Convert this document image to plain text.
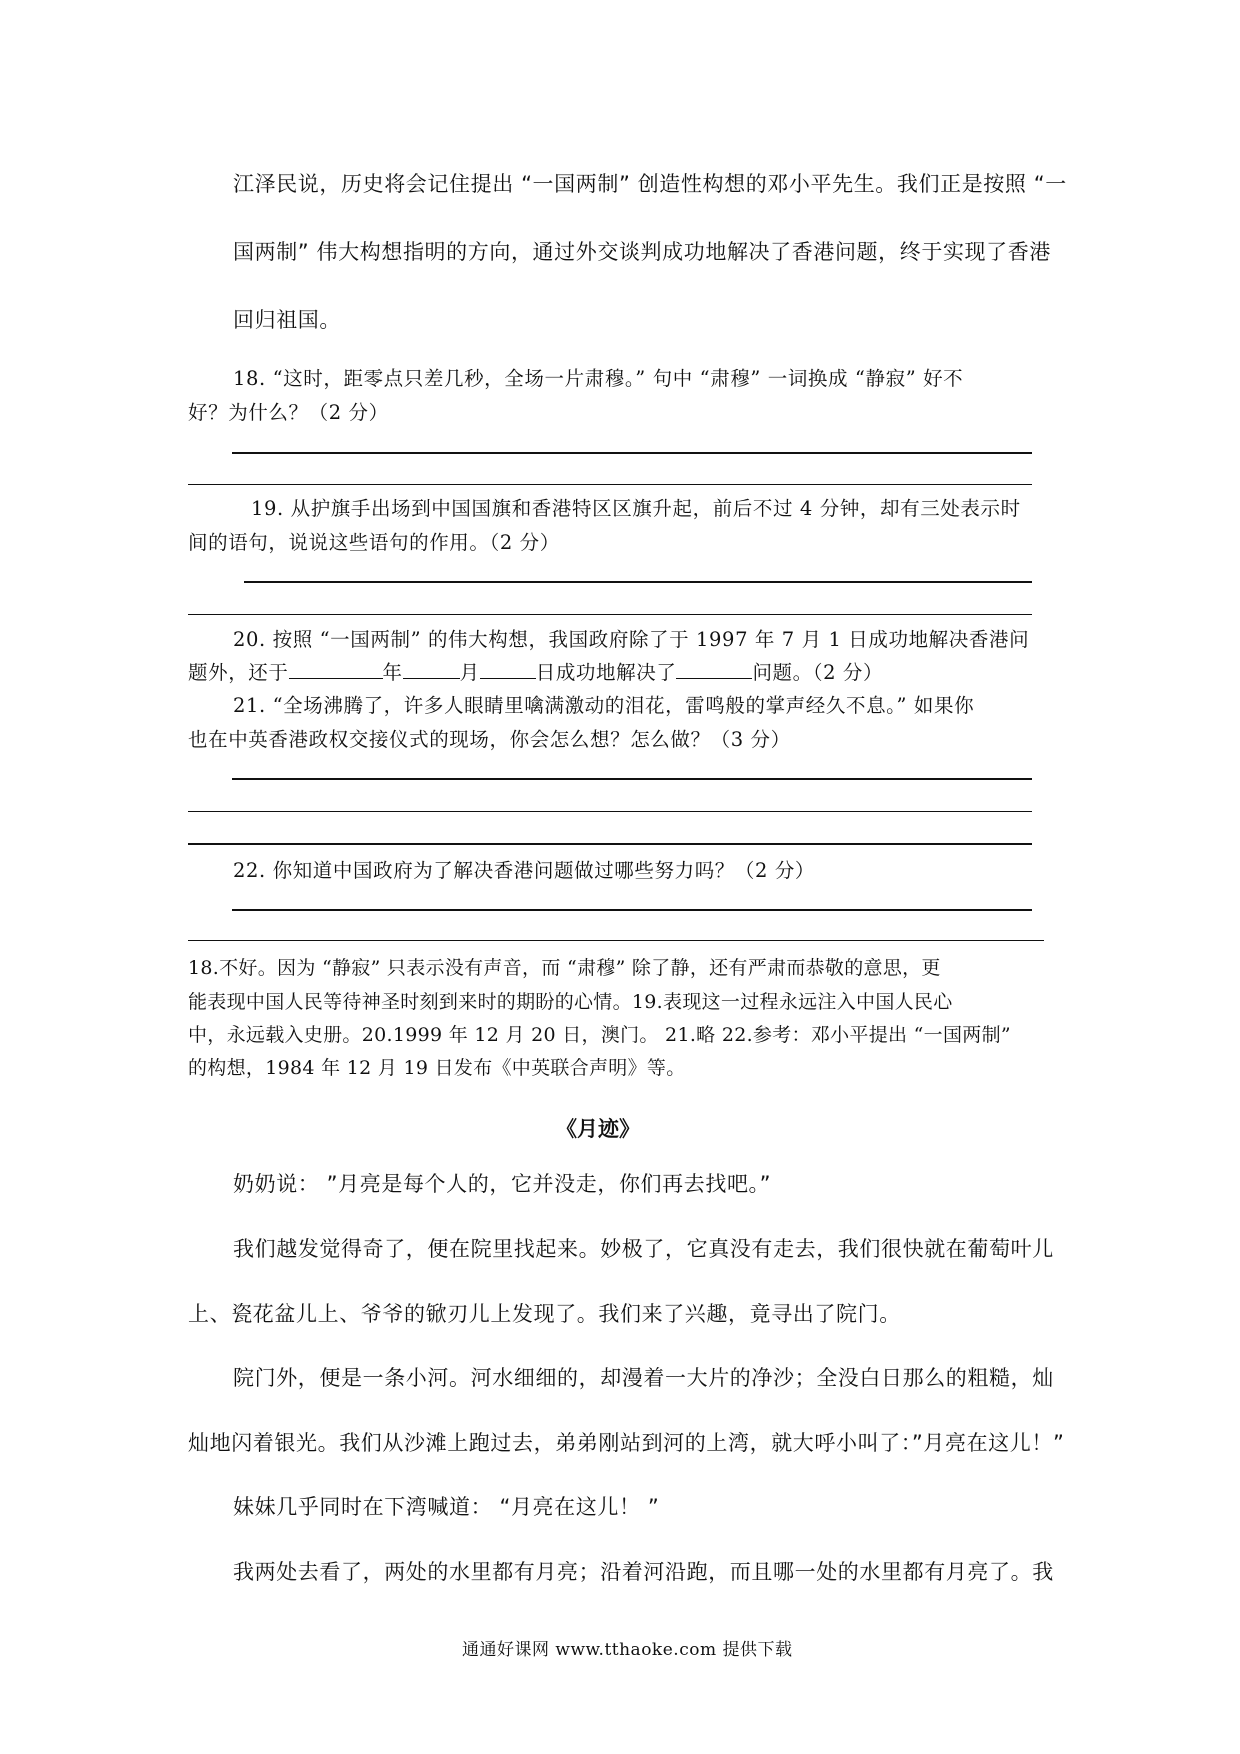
江泽民说，历史将会记住提出 “一国两制” 创造性构想的邓小平先生。我们正是按照 “一
国两制” 伟大构想指明的方向，通过外交谈判成功地解决了香港问题，终于实现了香港
回归祖国。
18. “这时，距零点只差几秒，全场一片肃穆。” 句中 “肃穆” 一词换成 “静寂” 好不
好？为什么？（2 分）
19. 从护旗手出场到中国国旗和香港特区区旗升起，前后不过 4 分钟，却有三处表示时
间的语句，说说这些语句的作用。（2 分）
20. 按照 “一国两制” 的伟大构想，我国政府除了于 1997 年 7 月 1 日成功地解决香港问
题外，还于	年	月	日成功地解决了	问题。（2 分）
21. “全场沸腾了，许多人眼睛里噙满激动的泪花，雷鸣般的掌声经久不息。” 如果你
也在中英香港政权交接仪式的现场，你会怎么想？怎么做？（3 分）
22. 你知道中国政府为了解决香港问题做过哪些努力吗？（2 分）
18.不好。因为 “静寂” 只表示没有声音，而 “肃穆” 除了静，还有严肃而恭敬的意思，更
能表现中国人民等待神圣时刻到来时的期盼的心情。19.表现这一过程永远注入中国人民心
中，永远载入史册。20.1999 年 12 月 20 日，澳门。 21.略 22.参考：邓小平提出 “一国两制”
的构想，1984 年 12 月 19 日发布《中英联合声明》等。
《月迹》
奶奶说： ”月亮是每个人的，它并没走，你们再去找吧。”
我们越发觉得奇了，便在院里找起来。妙极了，它真没有走去，我们很快就在葡萄叶儿
上、瓷花盆儿上、爷爷的锨刃儿上发现了。我们来了兴趣，竟寻出了院门。
院门外，便是一条小河。河水细细的，却漫着一大片的净沙；全没白日那么的粗糙，灿
灿地闪着银光。我们从沙滩上跑过去，弟弟刚站到河的上湾，就大呼小叫了：”月亮在这儿！”
妹妹几乎同时在下湾喊道： “月亮在这儿！ ”
我两处去看了，两处的水里都有月亮；沿着河沿跑，而且哪一处的水里都有月亮了。我
通通好课网 www.tthaoke.com 提供下载
